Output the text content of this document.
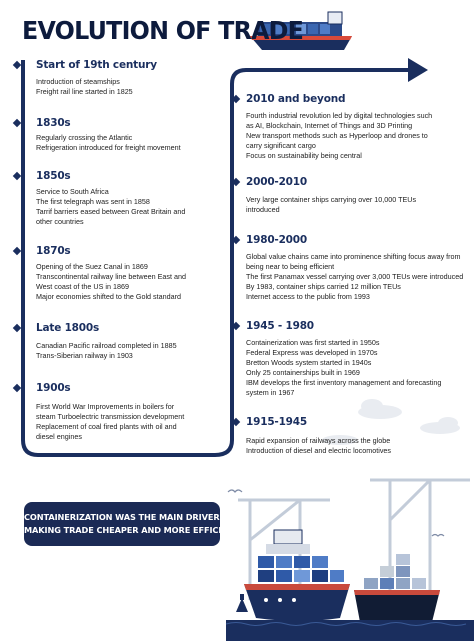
EVOLUTION OF TRADE
Start of 19th century
Introduction of steamships
Freight rail line started in 1825
1830s
Regularly crossing the Atlantic
Refrigeration introduced for freight movement
1850s
Service to South Africa
The first telegraph was sent in 1858
Tarrif barriers eased between Great Britain and
other countries
1870s
Opening of the Suez Canal in 1869
Transcontinental railway line between East and
West coast of the US in 1869
Major economies shifted to the Gold standard
Late 1800s
Canadian Pacific railroad completed in 1885
Trans-Siberian railway in 1903
1900s
First World War Improvements in boilers for
steam Turboelectric transmission development
Replacement of coal fired plants with oil and
diesel engines
2010 and beyond
Fourth industrial revolution led by digital technologies such
as AI, Blockchain, Internet of Things and 3D Printing
New transport methods such as Hyperloop and drones to
carry significant cargo
Focus on sustainability being central
2000-2010
Very large container ships carrying over 10,000 TEUs
introduced
1980-2000
Global value chains came into prominence shifting focus away from
being near to being efficient
The first Panamax vessel carrying over 3,000 TEUs were introduced
By 1983, container ships carried 12 million TEUs
Internet access to the public from 1993
1945 - 1980
Containerization was first started in 1950s
Federal Express was developed in 1970s
Bretton Woods system started in 1940s
Only 25 containerships built in 1969
IBM develops the first inventory management and forecasting
system in 1967
1915-1945
Rapid expansion of railways across the globe
Introduction of diesel and electric locomotives
CONTAINERIZATION WAS THE MAIN DRIVER IN
MAKING TRADE CHEAPER AND MORE EFFICIENT
